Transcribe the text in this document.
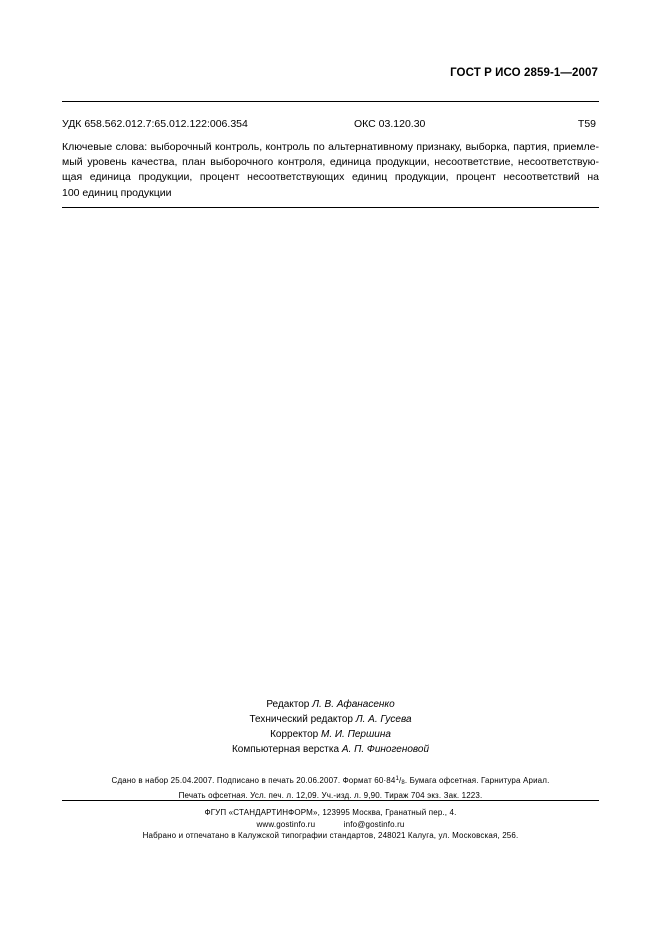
ГОСТ Р ИСО 2859-1—2007
УДК 658.562.012.7:65.012.122:006.354	ОКС 03.120.30	Т59
Ключевые слова: выборочный контроль, контроль по альтернативному признаку, выборка, партия, приемле-
мый уровень качества, план выборочного контроля, единица продукции, несоответствие, несоответствую-
щая единица продукции, процент несоответствующих единиц продукции, процент несоответствий на
100 единиц продукции
Редактор Л. В. Афанасенко
Технический редактор Л. А. Гусева
Корректор М. И. Першина
Компьютерная верстка А. П. Финогеновой
Сдано в набор 25.04.2007. Подписано в печать 20.06.2007. Формат $60\cdot 84^1/_8$. Бумага офсетная. Гарнитура Ариал.
Печать офсетная. Усл. печ. л. 12,09. Уч.-изд. л. 9,90. Тираж 704 экз. Зак. 1223.
ФГУП «СТАНДАРТИНФОРМ», 123995 Москва, Гранатный пер., 4.
www.gostinfo.ru	info@gostinfo.ru
Набрано и отпечатано в Калужской типографии стандартов, 248021 Калуга, ул. Московская, 256.
